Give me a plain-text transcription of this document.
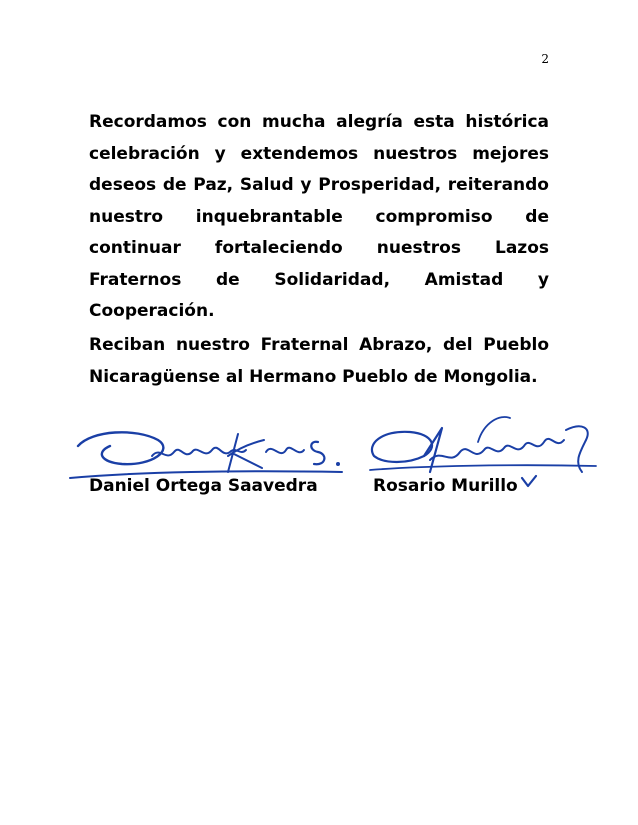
2

Recordamos con mucha alegría esta histórica celebración y extendemos nuestros mejores deseos de Paz, Salud y Prosperidad, reiterando nuestro inquebrantable compromiso de continuar fortaleciendo nuestros Lazos Fraternos de Solidaridad, Amistad y Cooperación.

Reciban nuestro Fraternal Abrazo, del Pueblo Nicaragüense al Hermano Pueblo de Mongolia.

Daniel Ortega Saavedra	Rosario Murillo
